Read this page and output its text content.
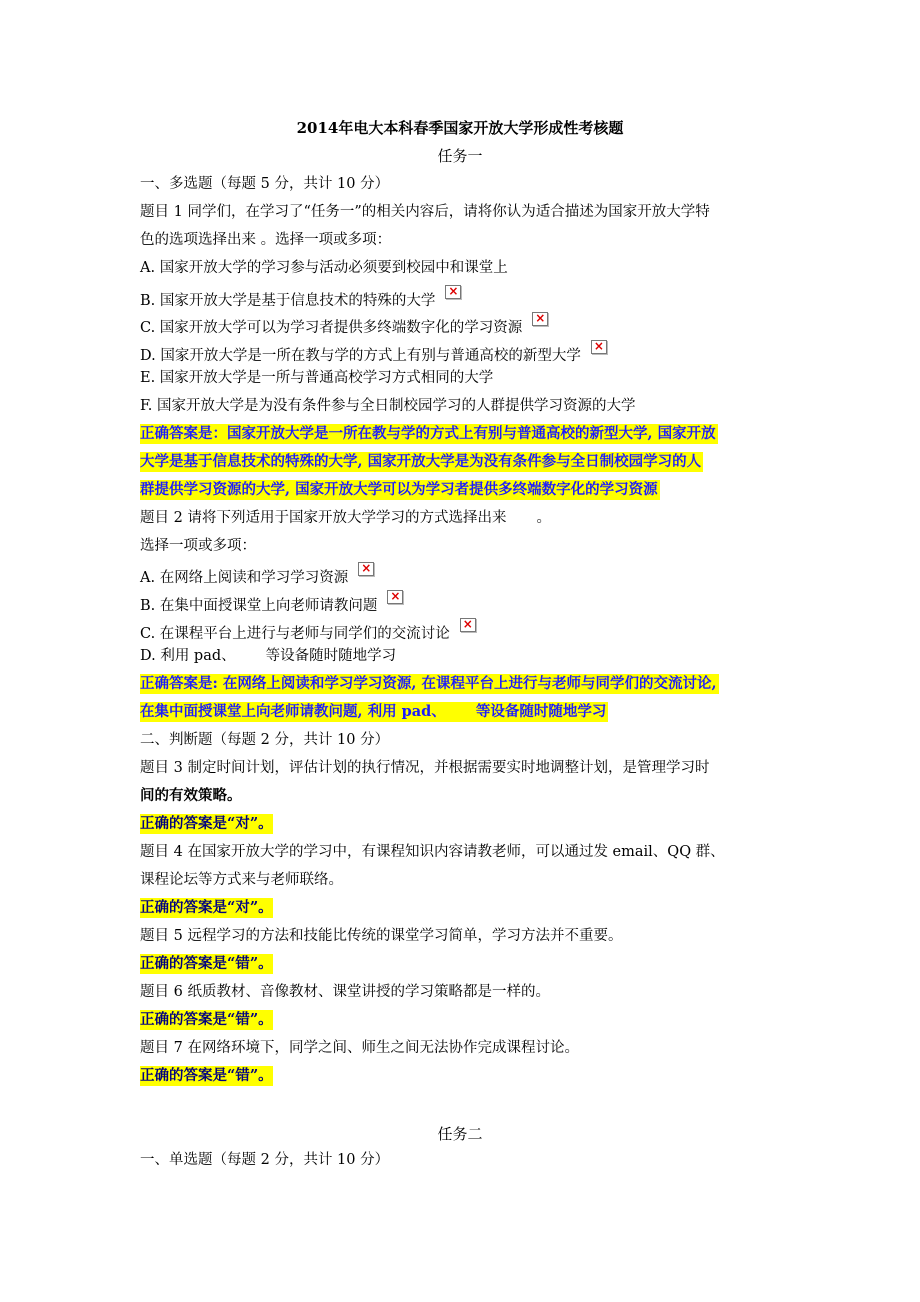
2014年电大本科春季国家开放大学形成性考核题
任务一
一、多选题（每题 5 分，共计 10 分）
题目 1 同学们，在学习了“任务一”的相关内容后，请将你认为适合描述为国家开放大学特
色的选项选择出来 。选择一项或多项：
A. 国家开放大学的学习参与活动必须要到校园中和课堂上
B. 国家开放大学是基于信息技术的特殊的大学×
C. 国家开放大学可以为学习者提供多终端数字化的学习资源×
D. 国家开放大学是一所在教与学的方式上有别与普通高校的新型大学×
E. 国家开放大学是一所与普通高校学习方式相同的大学
F. 国家开放大学是为没有条件参与全日制校园学习的人群提供学习资源的大学
正确答案是：国家开放大学是一所在教与学的方式上有别与普通高校的新型大学, 国家开放
大学是基于信息技术的特殊的大学, 国家开放大学是为没有条件参与全日制校园学习的人
群提供学习资源的大学, 国家开放大学可以为学习者提供多终端数字化的学习资源
题目 2 请将下列适用于国家开放大学学习的方式选择出来 。
选择一项或多项：
A. 在网络上阅读和学习学习资源×
B. 在集中面授课堂上向老师请教问题×
C. 在课程平台上进行与老师与同学们的交流讨论×
D. 利用 pad、 等设备随时随地学习
正确答案是: 在网络上阅读和学习学习资源, 在课程平台上进行与老师与同学们的交流讨论,
在集中面授课堂上向老师请教问题, 利用 pad、 等设备随时随地学习
二、判断题（每题 2 分，共计 10 分）
题目 3 制定时间计划，评估计划的执行情况，并根据需要实时地调整计划，是管理学习时
间的有效策略。
正确的答案是“对”。
题目 4 在国家开放大学的学习中，有课程知识内容请教老师，可以通过发 email、QQ 群、
课程论坛等方式来与老师联络。
正确的答案是“对”。
题目 5 远程学习的方法和技能比传统的课堂学习简单，学习方法并不重要。
正确的答案是“错”。
题目 6 纸质教材、音像教材、课堂讲授的学习策略都是一样的。
正确的答案是“错”。
题目 7 在网络环境下，同学之间、师生之间无法协作完成课程讨论。
正确的答案是“错”。
任务二
一、单选题（每题 2 分，共计 10 分）
